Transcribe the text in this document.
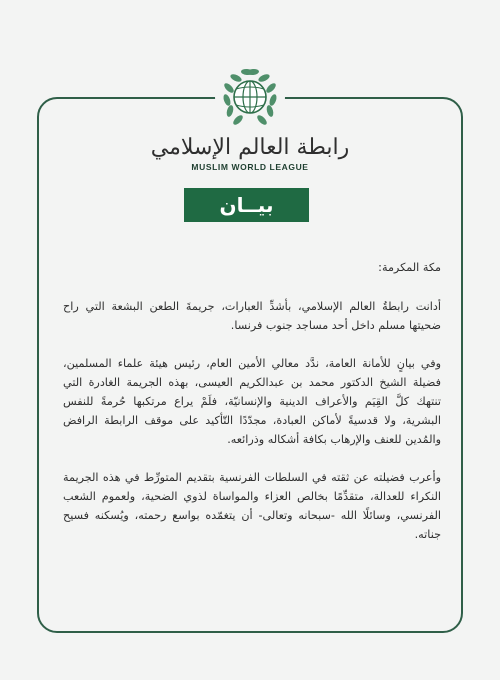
رابطة العالم الإسلامي
MUSLIM WORLD LEAGUE
بيــان

مكة المكرمة:

أدانت رابطةُ العالم الإسلامي، بأشدِّ العبارات، جريمةَ الطعن البشعة التي راح ضحيتها مسلم داخل أحد مساجد جنوب فرنسا.

وفي بيانٍ للأمانة العامة، ندَّد معالي الأمين العام، رئيس هيئة علماء المسلمين، فضيلة الشيخ الدكتور محمد بن عبدالكريم العيسى، بهذه الجريمة الغادرة التي تنتهك كلَّ القِيَم والأعراف الدينية والإنسانيّة، فلَمْ يراع مرتكبها حُرمةً للنفس البشرية، ولا قدسيةً لأماكن العبادة، مجدّدًا التّأكيد على موقف الرابطة الرافض والمُدين للعنف والإرهاب بكافة أشكاله وذرائعه.

وأعرب فضيلته عن ثقته في السلطات الفرنسية بتقديم المتورِّط في هذه الجريمة النكراء للعدالة، متقدِّمًا بخالص العزاء والمواساة لذوي الضحية، ولعموم الشعب الفرنسي، وسائلًا الله -سبحانه وتعالى- أن يتغمّده بواسع رحمته، ويُسكنه فسيح جناته.
